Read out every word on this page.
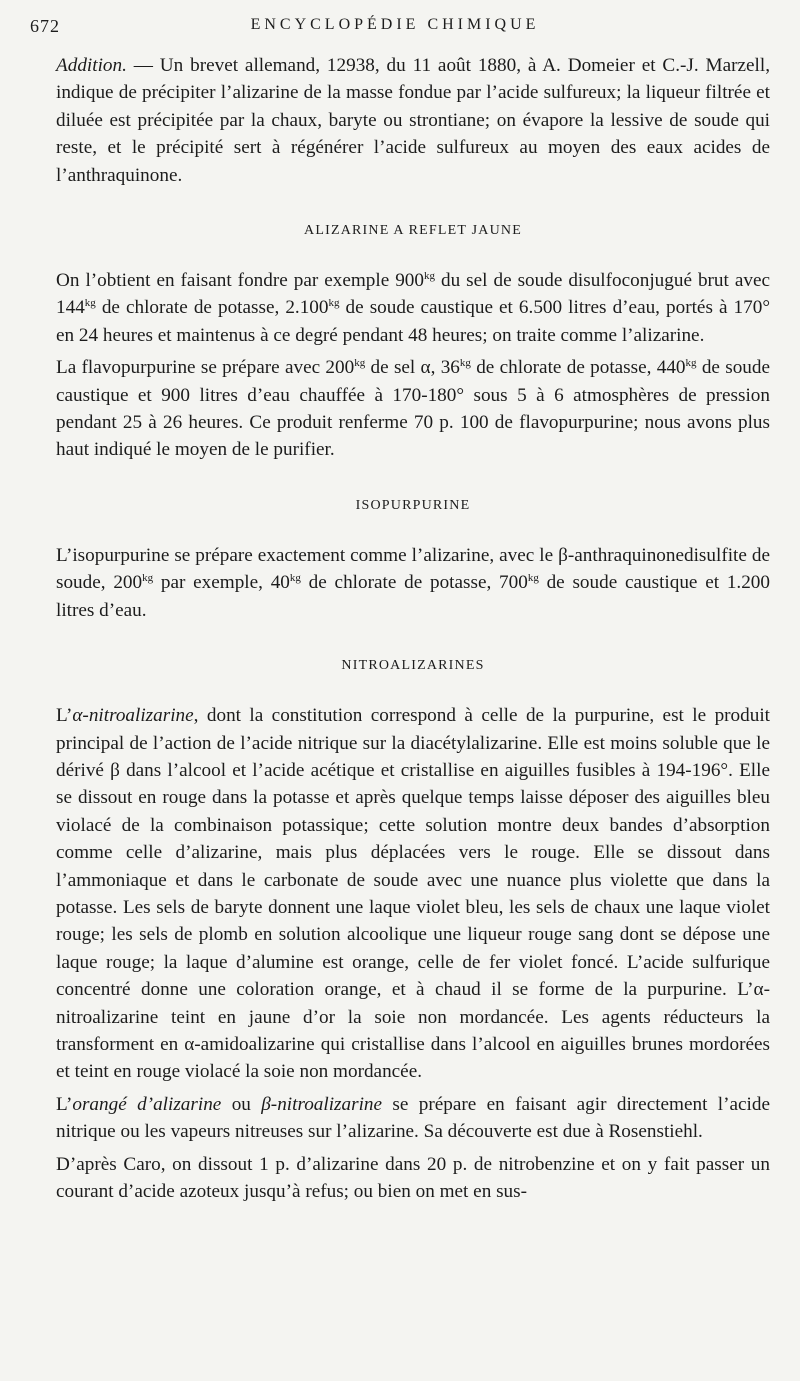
672	ENCYCLOPÉDIE CHIMIQUE

Addition. — Un brevet allemand, 12938, du 11 août 1880, à A. Domeier et C.-J. Marzell, indique de précipiter l’alizarine de la masse fondue par l’acide sulfureux; la liqueur filtrée et diluée est précipitée par la chaux, baryte ou strontiane; on évapore la lessive de soude qui reste, et le précipité sert à régénérer l’acide sulfureux au moyen des eaux acides de l’anthraquinone.

ALIZARINE A REFLET JAUNE

On l’obtient en faisant fondre par exemple $900^{kg}$ du sel de soude disulfoconjugué brut avec $144^{kg}$ de chlorate de potasse, $2.100^{kg}$ de soude caustique et 6.500 litres d’eau, portés à 170° en 24 heures et maintenus à ce degré pendant 48 heures; on traite comme l’alizarine.

La flavopurpurine se prépare avec $200^{kg}$ de sel α, $36^{kg}$ de chlorate de potasse, $440^{kg}$ de soude caustique et 900 litres d’eau chauffée à 170-180° sous 5 à 6 atmosphères de pression pendant 25 à 26 heures. Ce produit renferme 70 p. 100 de flavopurpurine; nous avons plus haut indiqué le moyen de le purifier.

ISOPURPURINE

L’isopurpurine se prépare exactement comme l’alizarine, avec le β-anthraquinonedisulfite de soude, $200^{kg}$ par exemple, $40^{kg}$ de chlorate de potasse, $700^{kg}$ de soude caustique et 1.200 litres d’eau.

NITROALIZARINES

L’α-nitroalizarine, dont la constitution correspond à celle de la purpurine, est le produit principal de l’action de l’acide nitrique sur la diacétylalizarine. Elle est moins soluble que le dérivé β dans l’alcool et l’acide acétique et cristallise en aiguilles fusibles à 194-196°. Elle se dissout en rouge dans la potasse et après quelque temps laisse déposer des aiguilles bleu violacé de la combinaison potassique; cette solution montre deux bandes d’absorption comme celle d’alizarine, mais plus déplacées vers le rouge. Elle se dissout dans l’ammoniaque et dans le carbonate de soude avec une nuance plus violette que dans la potasse. Les sels de baryte donnent une laque violet bleu, les sels de chaux une laque violet rouge; les sels de plomb en solution alcoolique une liqueur rouge sang dont se dépose une laque rouge; la laque d’alumine est orange, celle de fer violet foncé. L’acide sulfurique concentré donne une coloration orange, et à chaud il se forme de la purpurine. L’α-nitroalizarine teint en jaune d’or la soie non mordancée. Les agents réducteurs la transforment en α-amidoalizarine qui cristallise dans l’alcool en aiguilles brunes mordorées et teint en rouge violacé la soie non mordancée.

L’orangé d’alizarine ou β-nitroalizarine se prépare en faisant agir directement l’acide nitrique ou les vapeurs nitreuses sur l’alizarine. Sa découverte est due à Rosenstiehl.

D’après Caro, on dissout 1 p. d’alizarine dans 20 p. de nitrobenzine et on y fait passer un courant d’acide azoteux jusqu’à refus; ou bien on met en sus-
